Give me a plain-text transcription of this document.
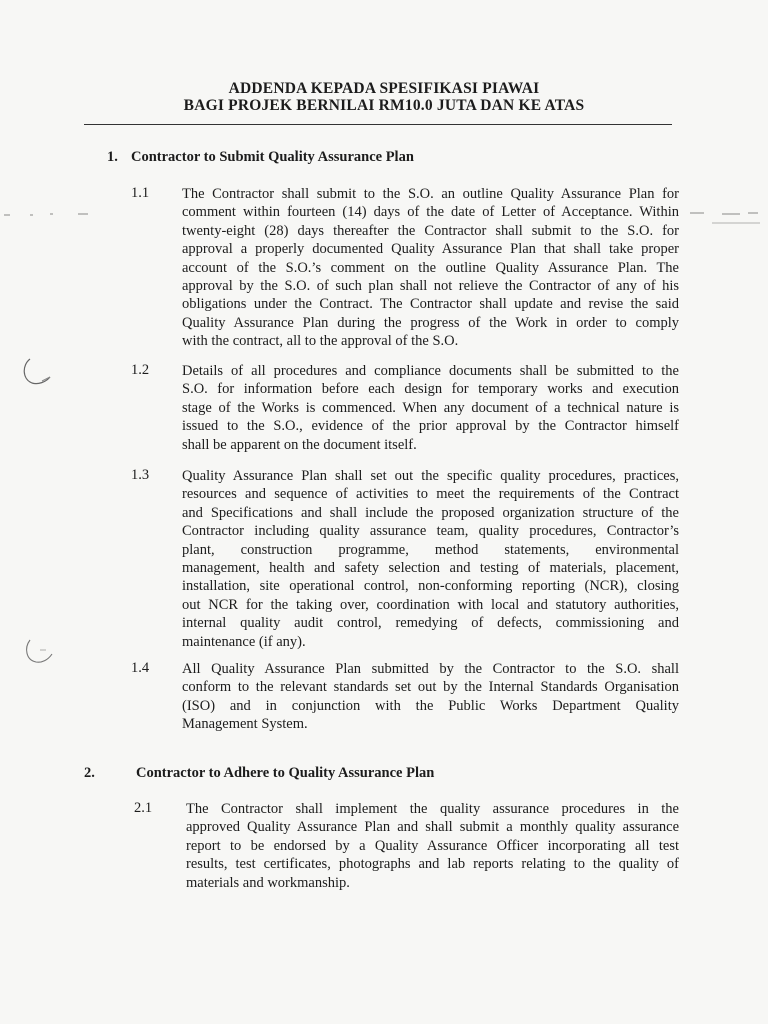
ADDENDA KEPADA SPESIFIKASI PIAWAI
BAGI PROJEK BERNILAI RM10.0 JUTA DAN KE ATAS
1. Contractor to Submit Quality Assurance Plan
1.1 The Contractor shall submit to the S.O. an outline Quality Assurance Plan for
comment within fourteen (14) days of the date of Letter of Acceptance. Within
twenty-eight (28) days thereafter the Contractor shall submit to the S.O. for
approval a properly documented Quality Assurance Plan that shall take proper
account of the S.O.’s comment on the outline Quality Assurance Plan. The
approval by the S.O. of such plan shall not relieve the Contractor of any of his
obligations under the Contract. The Contractor shall update and revise the said
Quality Assurance Plan during the progress of the Work in order to comply
with the contract, all to the approval of the S.O.
1.2 Details of all procedures and compliance documents shall be submitted to the
S.O. for information before each design for temporary works and execution
stage of the Works is commenced. When any document of a technical nature is
issued to the S.O., evidence of the prior approval by the Contractor himself
shall be apparent on the document itself.
1.3 Quality Assurance Plan shall set out the specific quality procedures, practices,
resources and sequence of activities to meet the requirements of the Contract
and Specifications and shall include the proposed organization structure of the
Contractor including quality assurance team, quality procedures, Contractor’s
plant, construction programme, method statements, environmental
management, health and safety selection and testing of materials, placement,
installation, site operational control, non-conforming reporting (NCR), closing
out NCR for the taking over, coordination with local and statutory authorities,
internal quality audit control, remedying of defects, commissioning and
maintenance (if any).
1.4 All Quality Assurance Plan submitted by the Contractor to the S.O. shall
conform to the relevant standards set out by the Internal Standards Organisation
(ISO) and in conjunction with the Public Works Department Quality
Management System.
2.	Contractor to Adhere to Quality Assurance Plan
2.1 The Contractor shall implement the quality assurance procedures in the
approved Quality Assurance Plan and shall submit a monthly quality assurance
report to be endorsed by a Quality Assurance Officer incorporating all test
results, test certificates, photographs and lab reports relating to the quality of
materials and workmanship.
